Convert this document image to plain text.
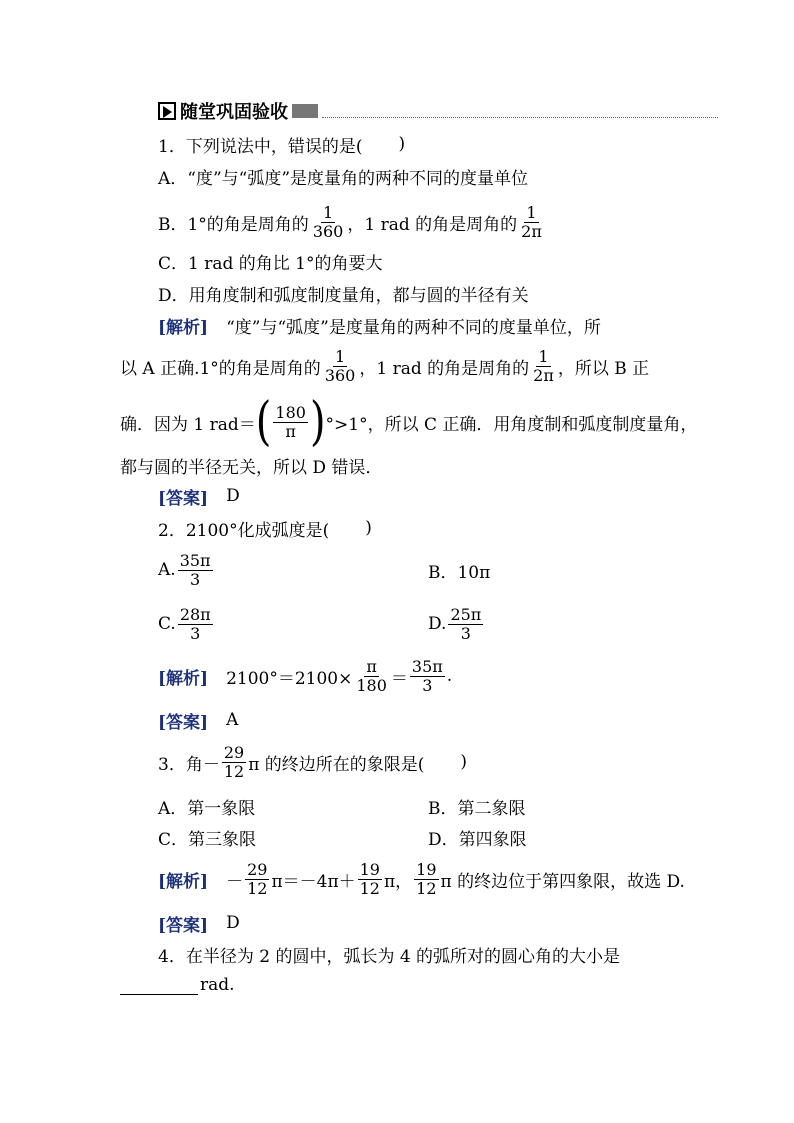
随堂巩固验收
1．下列说法中，错误的是( )
A．“度”与“弧度”是度量角的两种不同的度量单位
B．1°的角是周角的 $\frac{1}{360}$ ，1 rad 的角是周角的 $\frac{1}{2\pi}$
C．1 rad 的角比 1°的角要大
D．用角度制和弧度制度量角，都与圆的半径有关
[解析] “度”与“弧度”是度量角的两种不同的度量单位，所
以 A 正确.1°的角是周角的 $\frac{1}{360}$ ，1 rad 的角是周角的 $\frac{1}{2\pi}$ ，所以 B 正
确．因为 1 rad＝ ( $\frac{180}{\pi}$ ) °>1°，所以 C 正确．用角度制和弧度制度量角，
都与圆的半径无关，所以 D 错误．
[答案] D
2．2100°化成弧度是( )
A. $\frac{35\pi}{3}$	B．10π
C. $\frac{28\pi}{3}$	D. $\frac{25\pi}{3}$
[解析] $2100^\circ=2100\times \frac{\pi}{180} = \frac{35\pi}{3}$ .
[答案] A
3．角－ $\frac{29}{12}$ π 的终边所在的象限是( )
A．第一象限	B．第二象限
C．第三象限	D．第四象限
[解析] － $\frac{29}{12} \pi=-4\pi+ \frac{19}{12}$ π， $\frac{19}{12}$ π 的终边位于第四象限，故选 D.
[答案] D
4．在半径为 2 的圆中，弧长为 4 的弧所对的圆心角的大小是
rad.
